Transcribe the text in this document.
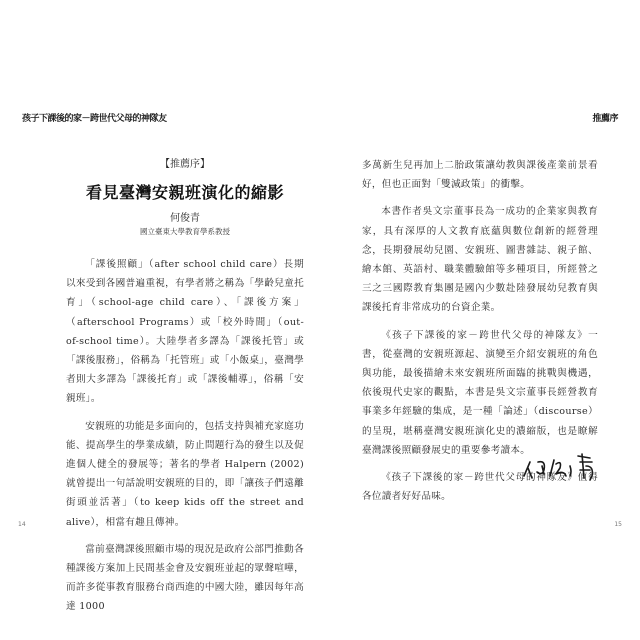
孩子下課後的家－跨世代父母的神隊友
14
【推薦序】
看見臺灣安親班演化的縮影
何俊青
國立臺東大學教育學系教授

「課後照顧」（after school child care）長期以來受到各國普遍重視，有學者將之稱為「學齡兒童托育」（school-age child care）、「課後方案」（afterschool Programs）或「校外時間」（out-of-school time）。大陸學者多譯為「課後托管」或「課後服務」，俗稱為「托管班」或「小飯桌」，臺灣學者則大多譯為「課後托育」或「課後輔導」，俗稱「安親班」。

安親班的功能是多面向的，包括支持與補充家庭功能、提高學生的學業成績，防止問題行為的發生以及促進個人健全的發展等；著名的學者 Halpern (2002) 就曾提出一句話說明安親班的目的，即「讓孩子們遠離街頭並活著」（to keep kids off the street and alive），相當有趣且傳神。

當前臺灣課後照顧市場的現況是政府公部門推動各種課後方案加上民間基金會及安親班並起的眾聲喧嘩，而許多從事教育服務台商西進的中國大陸，雖因每年高達 1000

推薦序
15

多萬新生兒再加上二胎政策讓幼教與課後產業前景看好，但也正面對「雙減政策」的衝擊。

本書作者吳文宗董事長為一成功的企業家與教育家，具有深厚的人文教育底蘊與數位創新的經營理念，長期發展幼兒園、安親班、圖書雜誌、親子館、繪本館、英語村、職業體驗館等多種項目，所經營之三之三國際教育集團是國內少數赴陸發展幼兒教育與課後托育非常成功的台資企業。

《孩子下課後的家－跨世代父母的神隊友》一書，從臺灣的安親班源起、演變至介紹安親班的角色與功能，最後描繪未來安親班所面臨的挑戰與機遇，依後現代史家的觀點，本書是吳文宗董事長經營教育事業多年經驗的集成，是一種「論述」（discourse）的呈現，堪稱臺灣安親班演化史的濃縮版，也是瞭解臺灣課後照顧發展史的重要參考讀本。

《孩子下課後的家－跨世代父母的神隊友》值得各位讀者好好品味。
